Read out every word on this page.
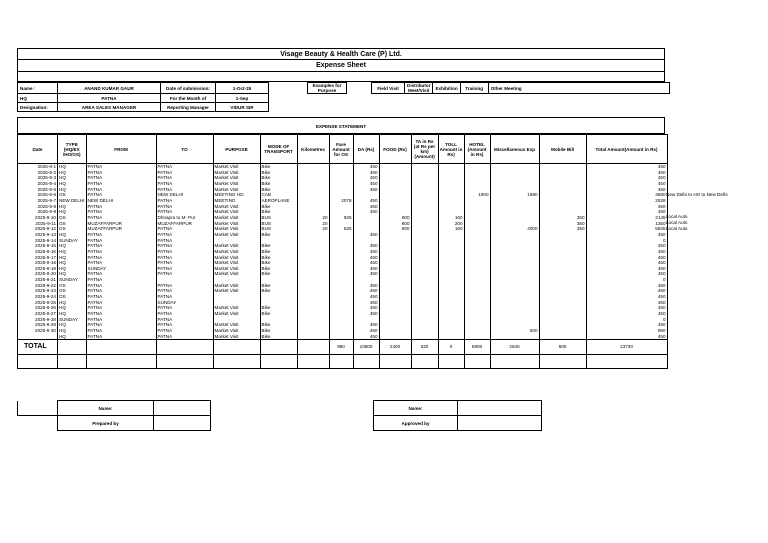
Visage Beauty & Health Care (P) Ltd.
Expense Sheet
Name :	ANAND KUMAR GAUR	Date of submission:	1-Oct-25		Examples for Purpose		Field Visit	Distributor Meet/Visit	Exhibition	Training	Other Meeting
HQ	PATNA	For the Month of	1-Sep								
Designation:	AREA SALES MANAGER	Reporting Manager	VIDUR SIR								
EXPENSE STATEMENT
Date	TYPE (HQ/EX /HO/OS)	FROM	TO	PURPOSE	MODE OF TRANSPORT	Kilometres	Fare Amount for OS	DA (Rs)	FOOD (Rs)	TA in Rs (at Rs per km) (Amount)	TOLL Amount in Rs)	HOTEL (Amount in Rs)	Miscellaneous Exp	Mobile Bill	Total Amount(Amount in Rs)
2025-9-1	HQ	PATNA	PATNA	Market Visit	Bike			450							450
2025-9-2	HQ	PATNA	PATNA	Market Visit	Bike			450							450
2025-9-3	HQ	PATNA	PATNA	Market Visit	Bike			450							450
2025-9-4	HQ	PATNA	PATNA	Market Visit	Bike			450							450
2025-9-5	HQ	PATNA	PATNA	Market Visit	Bike			450							450
2025-9-6	OS	PATNA	NEW DELHI	MEETING HO	CAB							1900	1680		3580
2025-9-7	NEW DELHI	NEW DELHI	PATNA	MEETING	AEROPLANE		2078	450							2528
2025-9-8	HQ	PATNA	PATNA	Market Visit	Bike			450							450
2025-9-9	HQ	PATNA	PATNA	Market Visit	Bike			450							450
2025-9-10	OS	PATNA	Dhnapra to M- Pur	Market Visit	BUS	20	925		800		160			360	2145
2025-9-11	OS	MUZAFFARPUR	MUZAFFARPUR	Market Visit	BUS	20			800		200			350	1350
2025-9-12	OS	MUZAFFARPUR	PATNA	Market Visit	BUS	20	525		800		160		4000	350	5835
2025-9-13	HQ	PATNA	PATNA	Market Visit	Bike			450							450
2025-9-14	SUNDAY	PATNA	PATNA												0
2025-9-15	HQ	PATNA	PATNA	Market Visit	Bike			450							450
2025-9-16	HQ	PATNA	PATNA	Market Visit	Bike			450							450
2025-9-17	HQ	PATNA	PATNA	Market Visit	Bike			450							450
2025-9-18	HQ	PATNA	PATNA	Market Visit	Bike			450							450
2025-9-19	HQ	SUNDAY	PATNA	Market Visit	Bike			450							450
2025-9-20	HQ	PATNA	PATNA	Market Visit	Bike			450							450
2025-9-21	SUNDAY	PATNA													0
2025-9-22	OS	PATNA	PATNA	Market Visit	Bike			450							450
2025-9-23	OS	PATNA	PATNA	Market Visit	Bike			450							450
2025-9-24	OS	PATNA	PATNA					450							450
2025-9-25	HQ	PATNA	SUNDAY					450							450
2025-9-26	HQ	PATNA	PATNA	Market Visit	Bike			450							450
2025-9-27	HQ	PATNA	PATNA	Market Visit	Bike			450							450
2025-9-28	SUNDAY	PATNA	PATNA												0
2025-9-29	HQ	PATNA	PATNA	Market Visit	Bike			450							450
2025-9-30	HQ	PATNA	PATNA	Market Visit	Bike			450					500		950
	HQ	PATNA	PATNA	Market Visit	Bike			450							450
TOTAL							950	10800	2400	520	0	5900	2640	500	23730

New Delhi to HO to New Delhi
Local Auto
Local Auto
Local Auto
	Name:			Name:		
	Prepared by			Approved by		
